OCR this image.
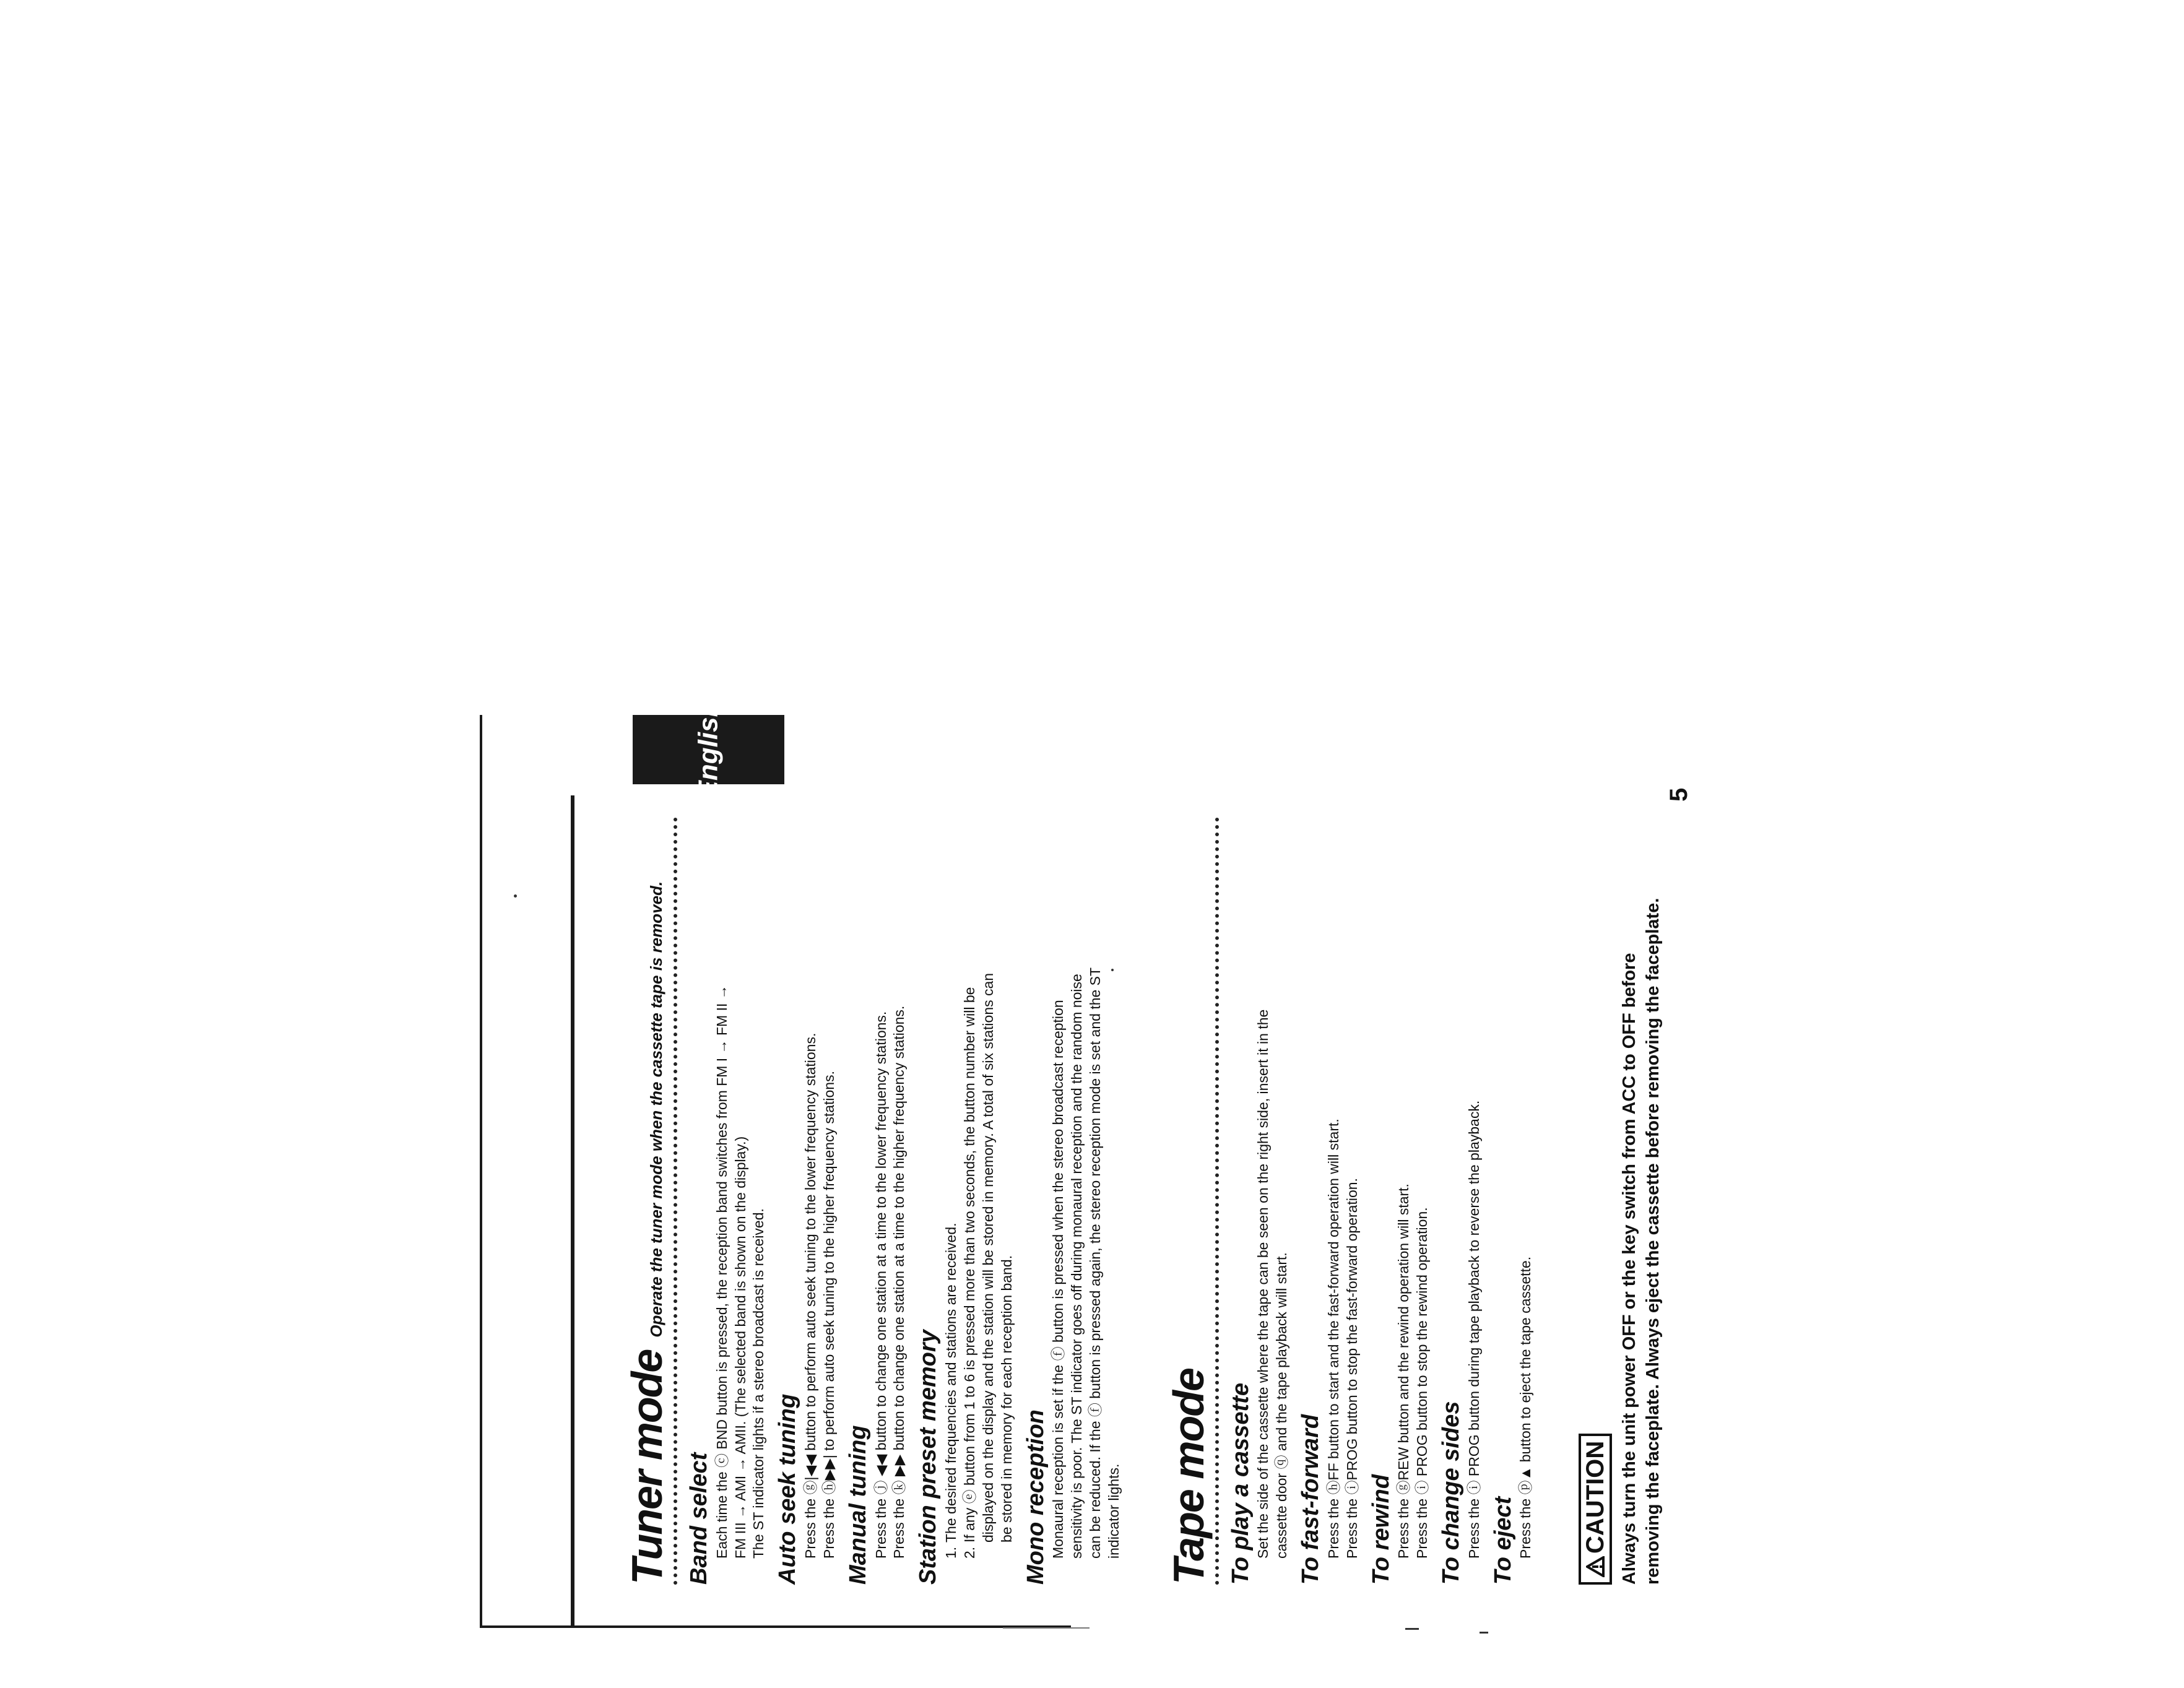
English	5
Tuner mode
Operate the tuner mode when the cassette tape is removed.
Band select Each time the ⓒ BND button is pressed, the reception band switches from FM I → FM II → FM III → AMI → AMII. (The selected band is shown on the display.) The ST indicator lights if a stereo broadcast is received. Auto seek tuning Press the ⓖ|◀◀ button to perform auto seek tuning to the lower frequency stations. Press the ⓗ▶▶| to perform auto seek tuning to the higher frequency stations. Manual tuning Press the ⓙ ◀◀ button to change one station at a time to the lower frequency stations. Press the ⓚ ▶▶ button to change one station at a time to the higher frequency stations. Station preset memory 1.

The desired frequencies and stations are received.

2.

If any ⓔ button from 1 to 6 is pressed more than two seconds, the button number will be displayed on the display and the station will be stored in memory. A total of six stations can be stored in memory for each reception band. Mono reception Monaural reception is set if the ⓕ button is pressed when the stereo broadcast reception sensitivity is poor. The ST indicator goes off during monaural reception and the random noise can be reduced. If the ⓕ button is pressed again, the stereo reception mode is set and the ST indicator lights. Tape mode To play a cassette Set the side of the cassette where the tape can be seen on the right side, insert it in the cassette door ⓠ and the tape playback will start. To fast-forward Press the ⓗFF button to start and the fast-forward operation will start. Press the ⓘPROG button to stop the fast-forward operation. To rewind Press the ⓖREW button and the rewind operation will start. Press the ⓘ PROG button to stop the rewind operation. To change sides Press the ⓘ PROG button during tape playback to reverse the playback. To eject Press the ⓟ▲ button to eject the tape cassette. CAUTION Always turn the unit power OFF or the key switch from ACC to OFF before removing the faceplate. Always eject the cassette before removing the faceplate.
